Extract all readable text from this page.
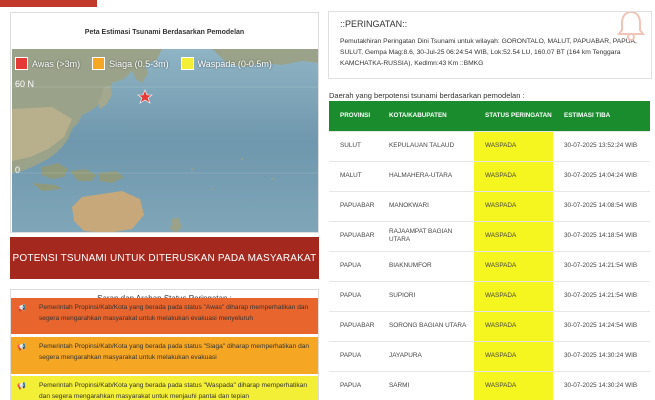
Peta Estimasi Tsunami Berdasarkan Pemodelan
Awas (>3m)	Siaga (0.5-3m)	Waspada (0-0.5m)
60 N
0
POTENSI TSUNAMI UNTUK DITERUSKAN PADA MASYARAKAT
📢	Pemerintah Propinsi/Kab/Kota yang berada pada status "Awas" diharap memperhatikan dan segera mengarahkan masyarakat untuk melakukan evakuasi menyeluruh
📢	Pemerintah Propinsi/Kab/Kota yang berada pada status "Siaga" diharap memperhatikan dan segera mengarahkan masyarakat untuk melakukan evakuasi
📢	Pemerintah Propinsi/Kab/Kota yang berada pada status "Waspada" diharap memperhatikan dan segera mengarahkan masyarakat untuk menjauhi pantai dan tepian
::PERINGATAN::
Pemutakhiran Peringatan Dini Tsunami untuk wilayah: GORONTALO, MALUT, PAPUABAR, PAPUA, SULUT, Gempa Mag:8.6, 30-Jul-25 06:24:54 WIB, Lok:52.54 LU, 160.07 BT (164 km Tenggara KAMCHATKA-RUSSIA), Kedlmn:43 Km ::BMKG
Daerah yang berpotensi tsunami berdasarkan pemodelan :
PROVINSI	KOTA/KABUPATEN	STATUS PERINGATAN	ESTIMASI TIBA
SULUT	KEPULAUAN TALAUD	WASPADA	30-07-2025 13:52:24 WIB
MALUT	HALMAHERA-UTARA	WASPADA	30-07-2025 14:04:24 WIB
PAPUABAR	MANOKWARI	WASPADA	30-07-2025 14:08:54 WIB
PAPUABAR	RAJAAMPAT BAGIAN UTARA	WASPADA	30-07-2025 14:18:54 WIB
PAPUA	BIAKNUMFOR	WASPADA	30-07-2025 14:21:54 WIB
PAPUA	SUPIORI	WASPADA	30-07-2025 14:21:54 WIB
PAPUABAR	SORONG BAGIAN UTARA	WASPADA	30-07-2025 14:24:54 WIB
PAPUA	JAYAPURA	WASPADA	30-07-2025 14:30:24 WIB
PAPUA	SARMI	WASPADA	30-07-2025 14:30:24 WIB
